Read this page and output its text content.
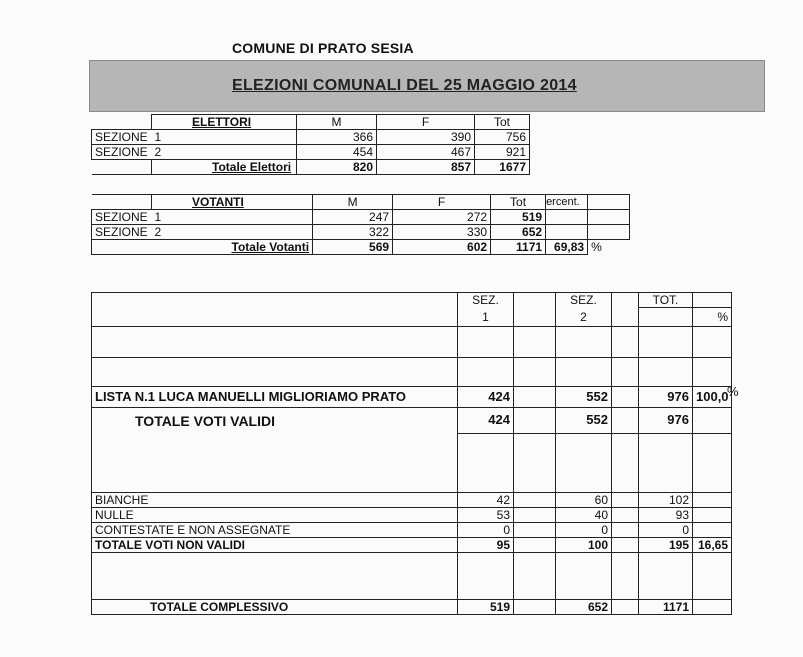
COMUNE DI PRATO SESIA
ELEZIONI COMUNALI DEL 25 MAGGIO 2014
	ELETTORI	M	F	Tot
SEZIONE	1	366	390	756
SEZIONE	2	454	467	921
	Totale Elettori	820	857	1677
	VOTANTI	M	F	Tot	ercent.	
SEZIONE	1	247	272	519		
SEZIONE	2	322	330	652		
	Totale Votanti	569	602	1171	69,83	%
	SEZ.		SEZ.		TOT.	
	1		2			%

LISTA N.1 LUCA MANUELLI MIGLIORIAMO PRATO	424		552		976	100,0
TOTALE VOTI VALIDI	424		552		976	

BIANCHE	42		60		102	
NULLE	53		40		93	
CONTESTATE E NON ASSEGNATE	0		0		0	
TOTALE VOTI NON VALIDI	95		100		195	16,65

TOTALE COMPLESSIVO	519		652		1171	
%
